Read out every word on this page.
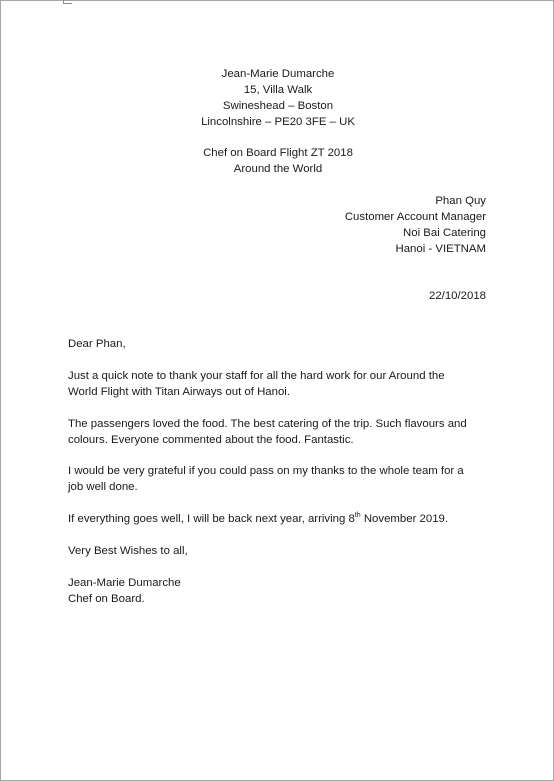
Jean-Marie Dumarche
15, Villa Walk
Swineshead – Boston
Lincolnshire – PE20 3FE – UK
Chef on Board Flight ZT 2018
Around the World
Phan Quy
Customer Account Manager
Noi Bai Catering
Hanoi - VIETNAM
22/10/2018
Dear Phan,
Just a quick note to thank your staff for all the hard work for our Around the
World Flight with Titan Airways out of Hanoi.
The passengers loved the food. The best catering of the trip. Such flavours and
colours. Everyone commented about the food. Fantastic.
I would be very grateful if you could pass on my thanks to the whole team for a
job well done.
If everything goes well, I will be back next year, arriving 8th November 2019.
Very Best Wishes to all,
Jean-Marie Dumarche
Chef on Board.
